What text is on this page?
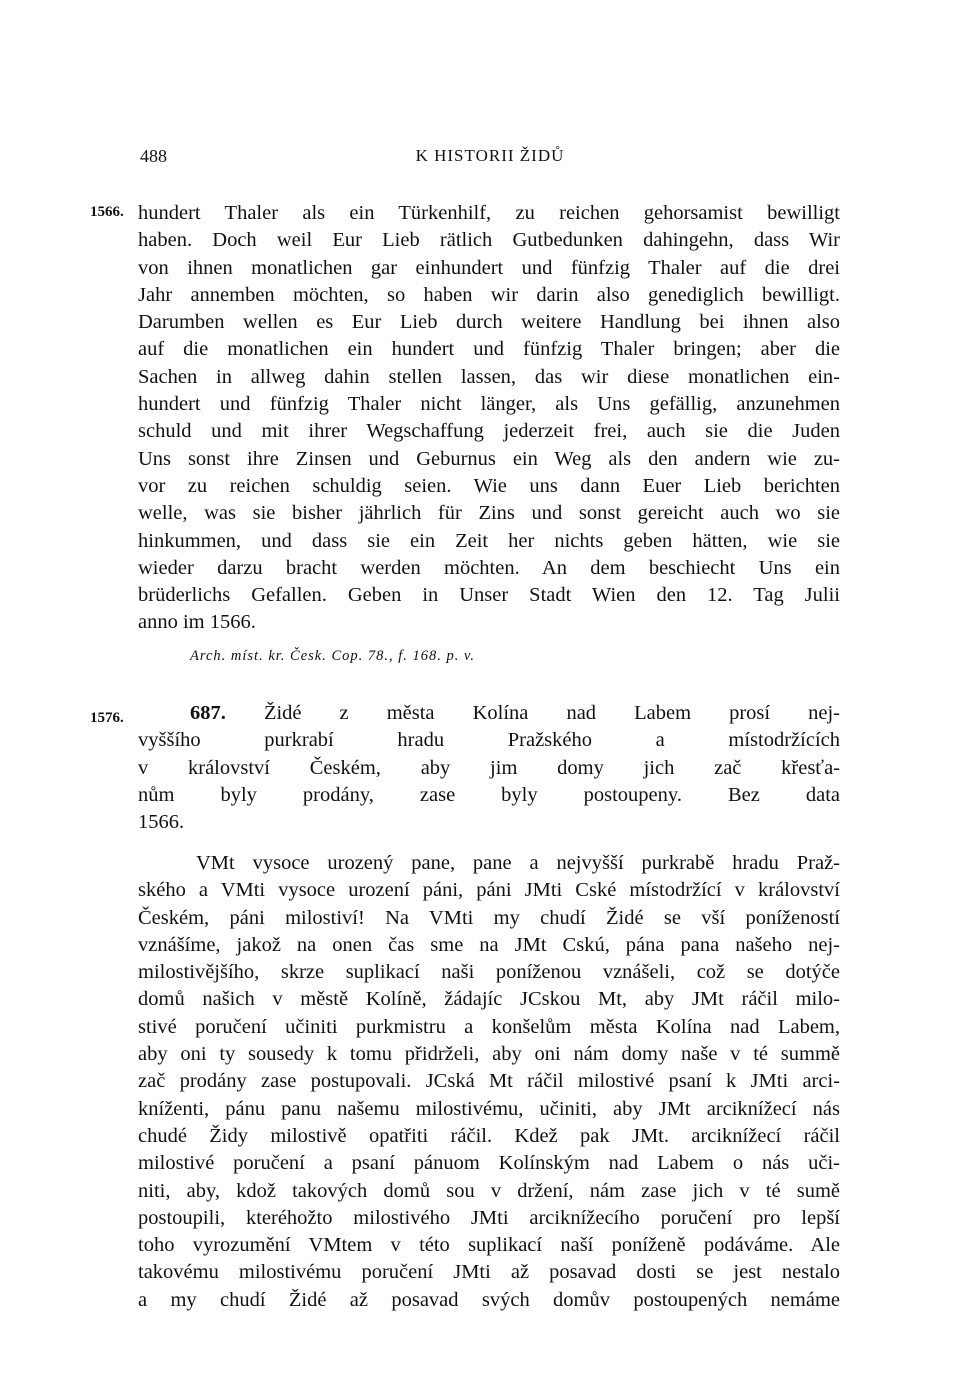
488	K HISTORII ŽIDŮ
1566. hundert Thaler als ein Türkenhilf, zu reichen gehorsamist bewilligt
haben. Doch weil Eur Lieb rätlich Gutbedunken dahingehn, dass Wir
von ihnen monatlichen gar einhundert und fünfzig Thaler auf die drei
Jahr annemben möchten, so haben wir darin also genediglich bewilligt.
Darumben wellen es Eur Lieb durch weitere Handlung bei ihnen also
auf die monatlichen ein hundert und fünfzig Thaler bringen; aber die
Sachen in allweg dahin stellen lassen, das wir diese monatlichen ein-
hundert und fünfzig Thaler nicht länger, als Uns gefällig, anzunehmen
schuld und mit ihrer Wegschaffung jederzeit frei, auch sie die Juden
Uns sonst ihre Zinsen und Geburnus ein Weg als den andern wie zu-
vor zu reichen schuldig seien. Wie uns dann Euer Lieb berichten
welle, was sie bisher jährlich für Zins und sonst gereicht auch wo sie
hinkummen, und dass sie ein Zeit her nichts geben hätten, wie sie
wieder darzu bracht werden möchten. An dem beschiecht Uns ein
brüderlichs Gefallen. Geben in Unser Stadt Wien den 12. Tag Julii
anno im 1566.
Arch. míst. kr. Česk. Cop. 78., f. 168. p. v.
1576.	687. Židé z města Kolína nad Labem prosí nej-
vyššího purkrabí hradu Pražského a místodržících
v království Českém, aby jim domy jich zač křesťa-
nům byly prodány, zase byly postoupeny. Bez data
1566.
VMt vysoce urozený pane, pane a nejvyšší purkrabě hradu Praž-
ského a VMti vysoce urození páni, páni JMti Cské místodržící v království
Českém, páni milostiví! Na VMti my chudí Židé se vší ponížeností
vznášíme, jakož na onen čas sme na JMt Cskú, pána pana našeho nej-
milostivějšího, skrze suplikací naši poníženou vznášeli, což se dotýče
domů našich v městě Kolíně, žádajíc JCskou Mt, aby JMt ráčil milo-
stivé poručení učiniti purkmistru a konšelům města Kolína nad Labem,
aby oni ty sousedy k tomu přidrželi, aby oni nám domy naše v té summě
zač prodány zase postupovali. JCská Mt ráčil milostivé psaní k JMti arci-
kníženti, pánu panu našemu milostivému, učiniti, aby JMt arciknížecí nás
chudé Židy milostivě opatřiti ráčil. Kdež pak JMt. arciknížecí ráčil
milostivé poručení a psaní pánuom Kolínským nad Labem o nás uči-
niti, aby, kdož takových domů sou v držení, nám zase jich v té sumě
postoupili, kteréhožto milostivého JMti arciknížecího poručení pro lepší
toho vyrozumění VMtem v této suplikací naší poníženě podáváme. Ale
takovému milostivému poručení JMti až posavad dosti se jest nestalo
a my chudí Židé až posavad svých domův postoupených nemáme
